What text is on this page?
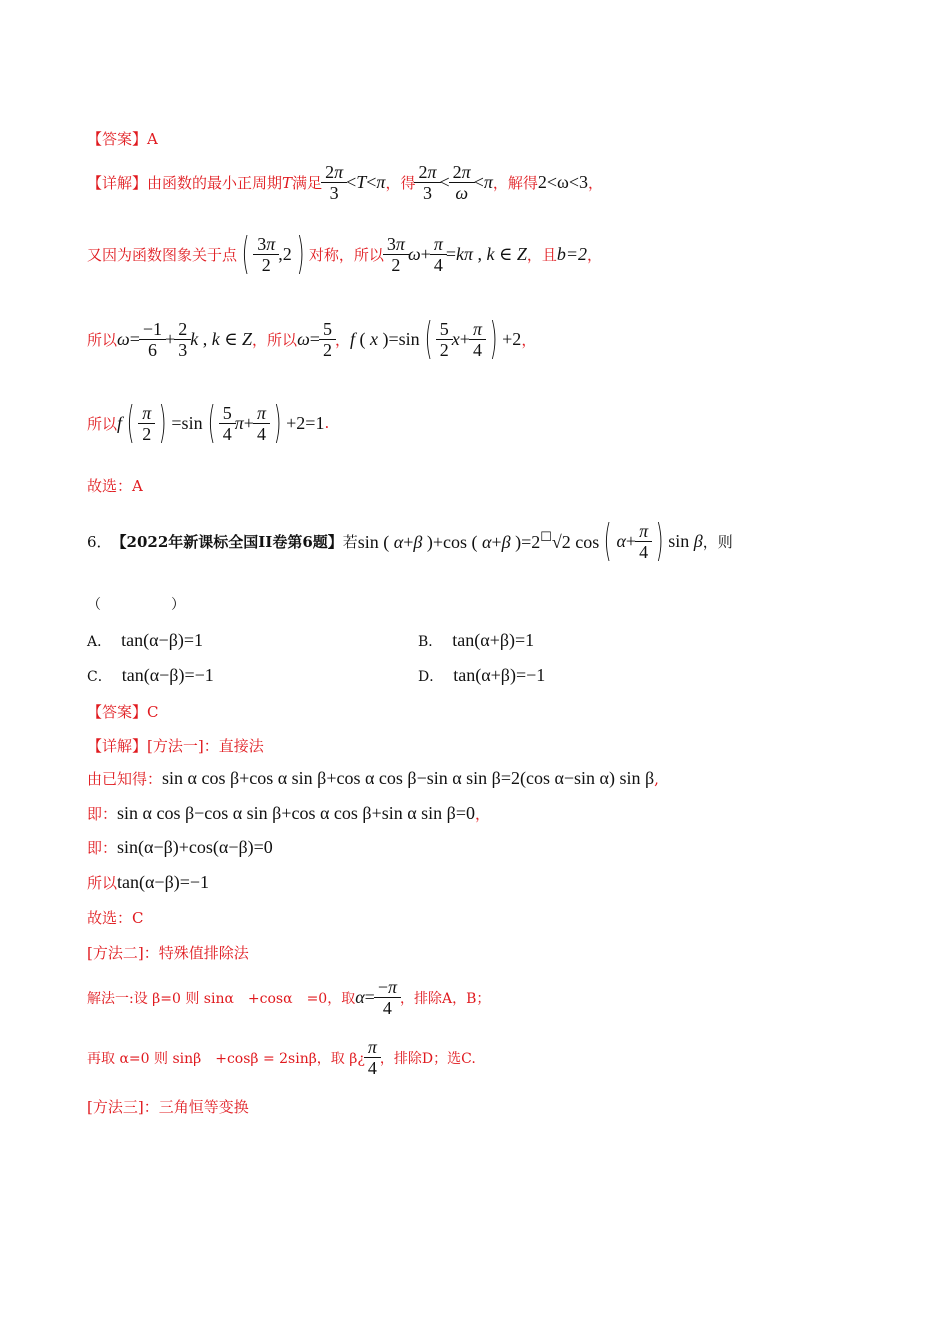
【答案】 A
【详解】 由函数的最小正周期 T 满足 $\frac{2\pi}{3} <T<\pi$ ，得 $\frac{2\pi}{3} < \frac{2\pi}{\omega} <\pi$ ，解得 2<ω<3 ，
又因为函数图象关于点 ( $\frac{3\pi}{2} ,2$ ) 对称，所以 $\frac{3\pi}{2} \omega+ \frac{\pi}{4} =k\pi$ , k ∈ Z ，且 b=2 ，
所以 $\omega= \frac{-1}{6} + \frac{2}{3}$ k , k ∈ Z ，所以 $\omega= \frac{5}{2}$ ， f ( x )=sin ( $\frac{5}{2} x+ \frac{\pi}{4}$ ) +2 ，
所以 f ( $\frac{\pi}{2}$ ) =sin ( $\frac{5}{4} \pi+ \frac{\pi}{4}$ ) +2=1 .
故选：A
6． 【2022年新课标全国II卷第6题】 若 sin ( α+β )+cos ( α+β )=2☐√2 cos ( $\alpha+ \frac{\pi}{4}$ ) sin β ，则
（　　　　　）
A． tan(α−β)=1	B． tan(α+β)=1
C． tan(α−β)=−1	D． tan(α+β)=−1
【答案】 C
【详解】 [方法一]：直接法
由已知得： sin α cos β+cos α sin β+cos α cos β−sin α sin β=2(cos α−sin α) sin β ,
即： sin α cos β−cos α sin β+cos α cos β+sin α sin β=0 ，
即： sin(α−β)+cos(α−β)=0
所以 tan(α−β)=−1
故选：C
[方法二]：特殊值排除法
解法一:设 β=0 则 sinα　+cosα　=0，取 $\alpha= \frac{-\pi}{4}$ ，排除A，B；
再取 α=0 则 sinβ　+cosβ = 2sinβ，取 β¿ $\frac{\pi}{4}$ ，排除D；选C.
[方法三]：三角恒等变换
